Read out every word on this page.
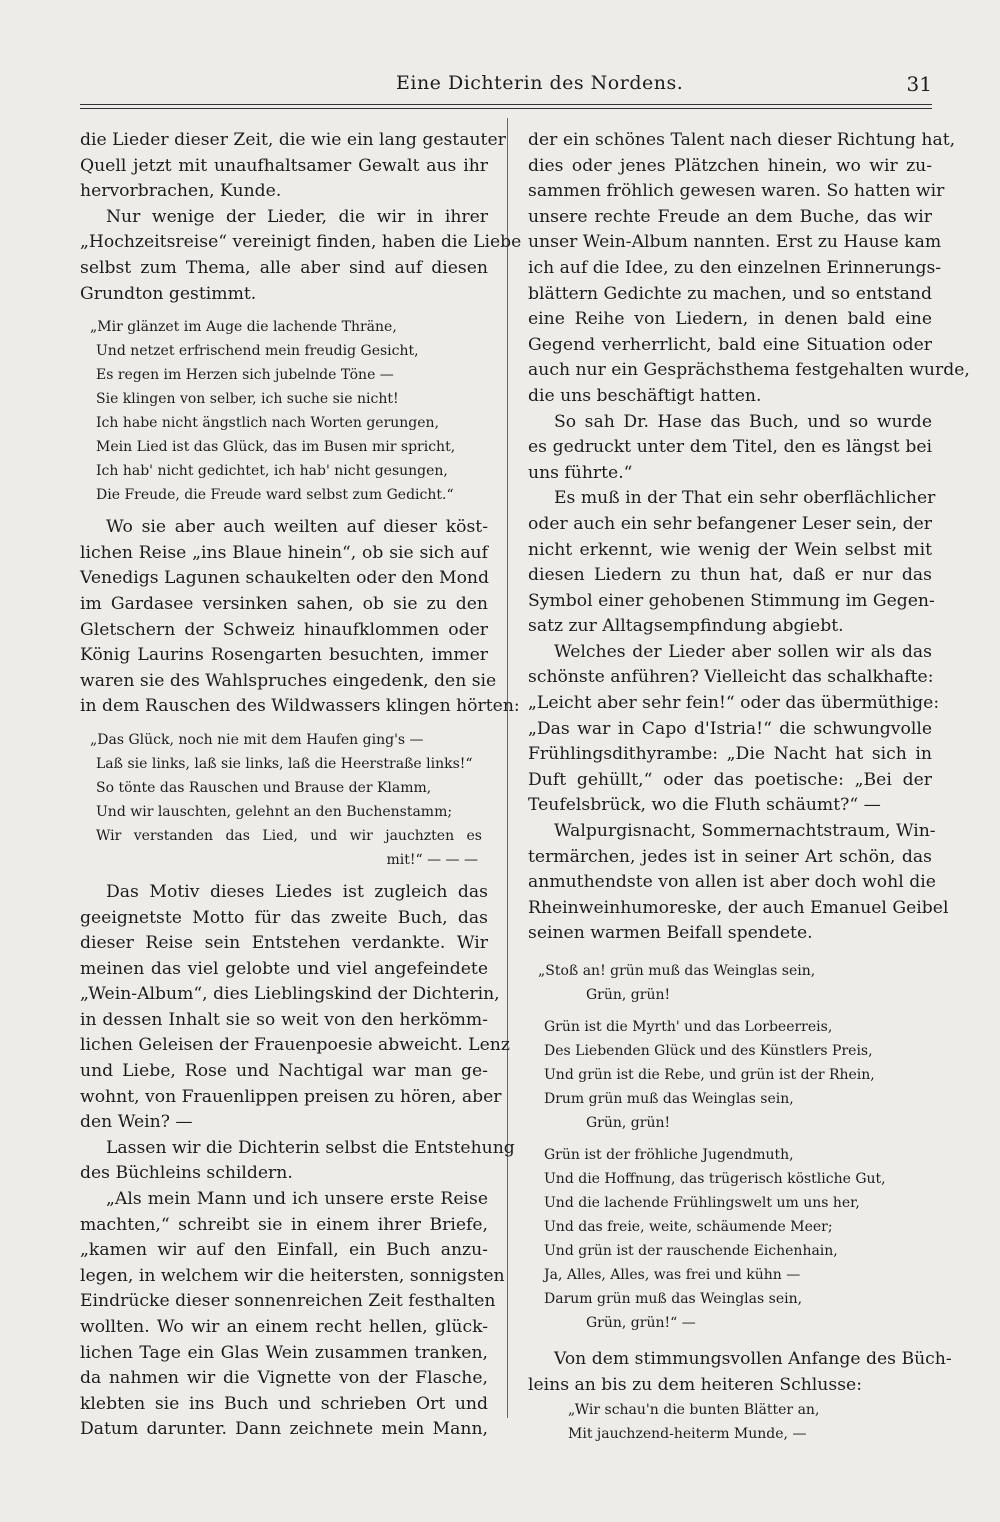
Eine Dichterin des Nordens.	31
die Lieder dieser Zeit, die wie ein lang gestauter
Quell jetzt mit unaufhaltsamer Gewalt aus ihr
hervorbrachen, Kunde.
Nur wenige der Lieder, die wir in ihrer
„Hochzeitsreise“ vereinigt finden, haben die Liebe
selbst zum Thema, alle aber sind auf diesen
Grundton gestimmt.
„Mir glänzet im Auge die lachende Thräne,
Und netzet erfrischend mein freudig Gesicht,
Es regen im Herzen sich jubelnde Töne —
Sie klingen von selber, ich suche sie nicht!
Ich habe nicht ängstlich nach Worten gerungen,
Mein Lied ist das Glück, das im Busen mir spricht,
Ich hab' nicht gedichtet, ich hab' nicht gesungen,
Die Freude, die Freude ward selbst zum Gedicht.“
Wo sie aber auch weilten auf dieser köst-
lichen Reise „ins Blaue hinein“, ob sie sich auf
Venedigs Lagunen schaukelten oder den Mond
im Gardasee versinken sahen, ob sie zu den
Gletschern der Schweiz hinaufklommen oder
König Laurins Rosengarten besuchten, immer
waren sie des Wahlspruches eingedenk, den sie
in dem Rauschen des Wildwassers klingen hörten:
„Das Glück, noch nie mit dem Haufen ging's —
Laß sie links, laß sie links, laß die Heerstraße links!“
So tönte das Rauschen und Brause der Klamm,
Und wir lauschten, gelehnt an den Buchenstamm;
Wir verstanden das Lied, und wir jauchzten es
mit!“ — — —
Das Motiv dieses Liedes ist zugleich das
geeignetste Motto für das zweite Buch, das
dieser Reise sein Entstehen verdankte. Wir
meinen das viel gelobte und viel angefeindete
„Wein-Album“, dies Lieblingskind der Dichterin,
in dessen Inhalt sie so weit von den herkömm-
lichen Geleisen der Frauenpoesie abweicht. Lenz
und Liebe, Rose und Nachtigal war man ge-
wohnt, von Frauenlippen preisen zu hören, aber
den Wein? —
Lassen wir die Dichterin selbst die Entstehung
des Büchleins schildern.
„Als mein Mann und ich unsere erste Reise
machten,“ schreibt sie in einem ihrer Briefe,
„kamen wir auf den Einfall, ein Buch anzu-
legen, in welchem wir die heitersten, sonnigsten
Eindrücke dieser sonnenreichen Zeit festhalten
wollten. Wo wir an einem recht hellen, glück-
lichen Tage ein Glas Wein zusammen tranken,
da nahmen wir die Vignette von der Flasche,
klebten sie ins Buch und schrieben Ort und
Datum darunter. Dann zeichnete mein Mann,
der ein schönes Talent nach dieser Richtung hat,
dies oder jenes Plätzchen hinein, wo wir zu-
sammen fröhlich gewesen waren. So hatten wir
unsere rechte Freude an dem Buche, das wir
unser Wein-Album nannten. Erst zu Hause kam
ich auf die Idee, zu den einzelnen Erinnerungs-
blättern Gedichte zu machen, und so entstand
eine Reihe von Liedern, in denen bald eine
Gegend verherrlicht, bald eine Situation oder
auch nur ein Gesprächsthema festgehalten wurde,
die uns beschäftigt hatten.
So sah Dr. Hase das Buch, und so wurde
es gedruckt unter dem Titel, den es längst bei
uns führte.“
Es muß in der That ein sehr oberflächlicher
oder auch ein sehr befangener Leser sein, der
nicht erkennt, wie wenig der Wein selbst mit
diesen Liedern zu thun hat, daß er nur das
Symbol einer gehobenen Stimmung im Gegen-
satz zur Alltagsempfindung abgiebt.
Welches der Lieder aber sollen wir als das
schönste anführen? Vielleicht das schalkhafte:
„Leicht aber sehr fein!“ oder das übermüthige:
„Das war in Capo d'Istria!“ die schwungvolle
Frühlingsdithyrambe: „Die Nacht hat sich in
Duft gehüllt,“ oder das poetische: „Bei der Teufelsbrück, wo die Fluth schäumt?“ —
Walpurgisnacht, Sommernachtstraum, Win-
termärchen, jedes ist in seiner Art schön, das
anmuthendste von allen ist aber doch wohl die
Rheinweinhumoreske, der auch Emanuel Geibel
seinen warmen Beifall spendete.
„Stoß an! grün muß das Weinglas sein,
Grün, grün!
Grün ist die Myrth' und das Lorbeerreis,
Des Liebenden Glück und des Künstlers Preis,
Und grün ist die Rebe, und grün ist der Rhein,
Drum grün muß das Weinglas sein,
Grün, grün!
Grün ist der fröhliche Jugendmuth,
Und die Hoffnung, das trügerisch köstliche Gut,
Und die lachende Frühlingswelt um uns her,
Und das freie, weite, schäumende Meer;
Und grün ist der rauschende Eichenhain,
Ja, Alles, Alles, was frei und kühn —
Darum grün muß das Weinglas sein,
Grün, grün!“ —
Von dem stimmungsvollen Anfange des Büch-
leins an bis zu dem heiteren Schlusse:
„Wir schau'n die bunten Blätter an,
Mit jauchzend-heiterm Munde, —
